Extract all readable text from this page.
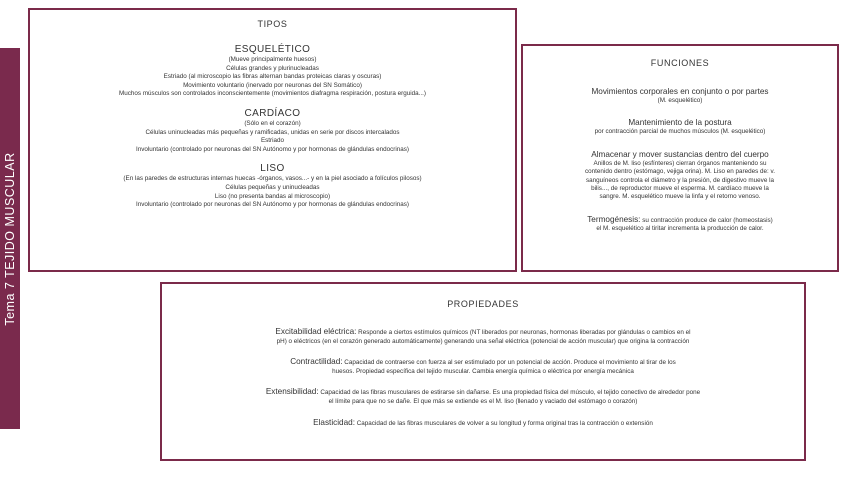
Tema 7 TEJIDO MUSCULAR
TIPOS
ESQUELÉTICO
(Mueve principalmente huesos)
Células grandes y plurinucleadas
Estriado (al microscopio las fibras alternan bandas proteicas claras y oscuras)
Movimiento voluntario (inervado por neuronas del SN Somático)
Muchos músculos son controlados inconscientemente (movimientos diafragma respiración, postura erguida...)
CARDÍACO
(Sólo en el corazón)
Células uninucleadas más pequeñas y ramificadas, unidas en serie por discos intercalados
Estriado
Involuntario (controlado por neuronas del SN Autónomo y por hormonas de glándulas endocrinas)
LISO
(En las paredes de estructuras internas huecas -órganos, vasos...- y en la piel asociado a folículos pilosos)
Células pequeñas y uninucleadas
Liso (no presenta bandas al microscopio)
Involuntario (controlado por neuronas del SN Autónomo y por hormonas de glándulas endocrinas)
FUNCIONES
Movimientos corporales en conjunto o por partes
(M. esquelético)
Mantenimiento de la postura
por contracción parcial de muchos músculos (M. esquelético)
Almacenar y mover sustancias dentro del cuerpo
Anillos de M. liso (esfínteres) cierran órganos manteniendo su
contenido dentro (estómago, vejiga orina). M. Liso en paredes de: v.
sanguíneos controla el diámetro y la presión, de digestivo mueve la
bilis..., de reproductor mueve el esperma. M. cardíaco mueve la
sangre. M. esquelético mueve la linfa y el retorno venoso.
Termogénesis: su contracción produce de calor (homeostasis)
el M. esquelético al tiritar incrementa la producción de calor.
PROPIEDADES
Excitabilidad eléctrica: Responde a ciertos estímulos químicos (NT liberados por neuronas, hormonas liberadas por glándulas o cambios en el
pH) o eléctricos (en el corazón generado automáticamente) generando una señal eléctrica (potencial de acción muscular) que origina la contracción
Contractilidad: Capacidad de contraerse con fuerza al ser estimulado por un potencial de acción. Produce el movimiento al tirar de los
huesos. Propiedad específica del tejido muscular. Cambia energía química o eléctrica por energía mecánica
Extensibilidad: Capacidad de las fibras musculares de estirarse sin dañarse. Es una propiedad física del músculo, el tejido conectivo de alrededor pone
el límite para que no se dañe. El que más se extiende es el M. liso (llenado y vaciado del estómago o corazón)
Elasticidad: Capacidad de las fibras musculares de volver a su longitud y forma original tras la contracción o extensión
